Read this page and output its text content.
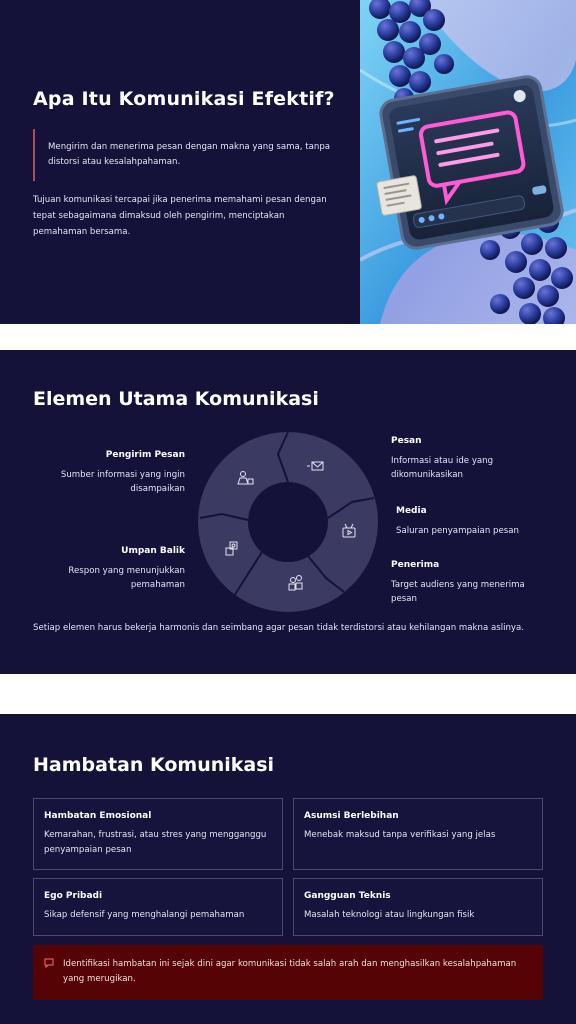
Apa Itu Komunikasi Efektif?
Mengirim dan menerima pesan dengan makna yang sama, tanpa distorsi atau kesalahpahaman.

Tujuan komunikasi tercapai jika penerima memahami pesan dengan tepat sebagaimana dimaksud oleh pengirim, menciptakan pemahaman bersama.

Elemen Utama Komunikasi
Pengirim Pesan
Sumber informasi yang ingin disampaikan
Umpan Balik
Respon yang menunjukkan pemahaman
Pesan
Informasi atau ide yang dikomunikasikan
Media
Saluran penyampaian pesan
Penerima
Target audiens yang menerima pesan

Setiap elemen harus bekerja harmonis dan seimbang agar pesan tidak terdistorsi atau kehilangan makna aslinya.

Hambatan Komunikasi
Hambatan Emosional
Kemarahan, frustrasi, atau stres yang mengganggu penyampaian pesan
Asumsi Berlebihan
Menebak maksud tanpa verifikasi yang jelas
Ego Pribadi
Sikap defensif yang menghalangi pemahaman
Gangguan Teknis
Masalah teknologi atau lingkungan fisik
Identifikasi hambatan ini sejak dini agar komunikasi tidak salah arah dan menghasilkan kesalahpahaman yang merugikan.
